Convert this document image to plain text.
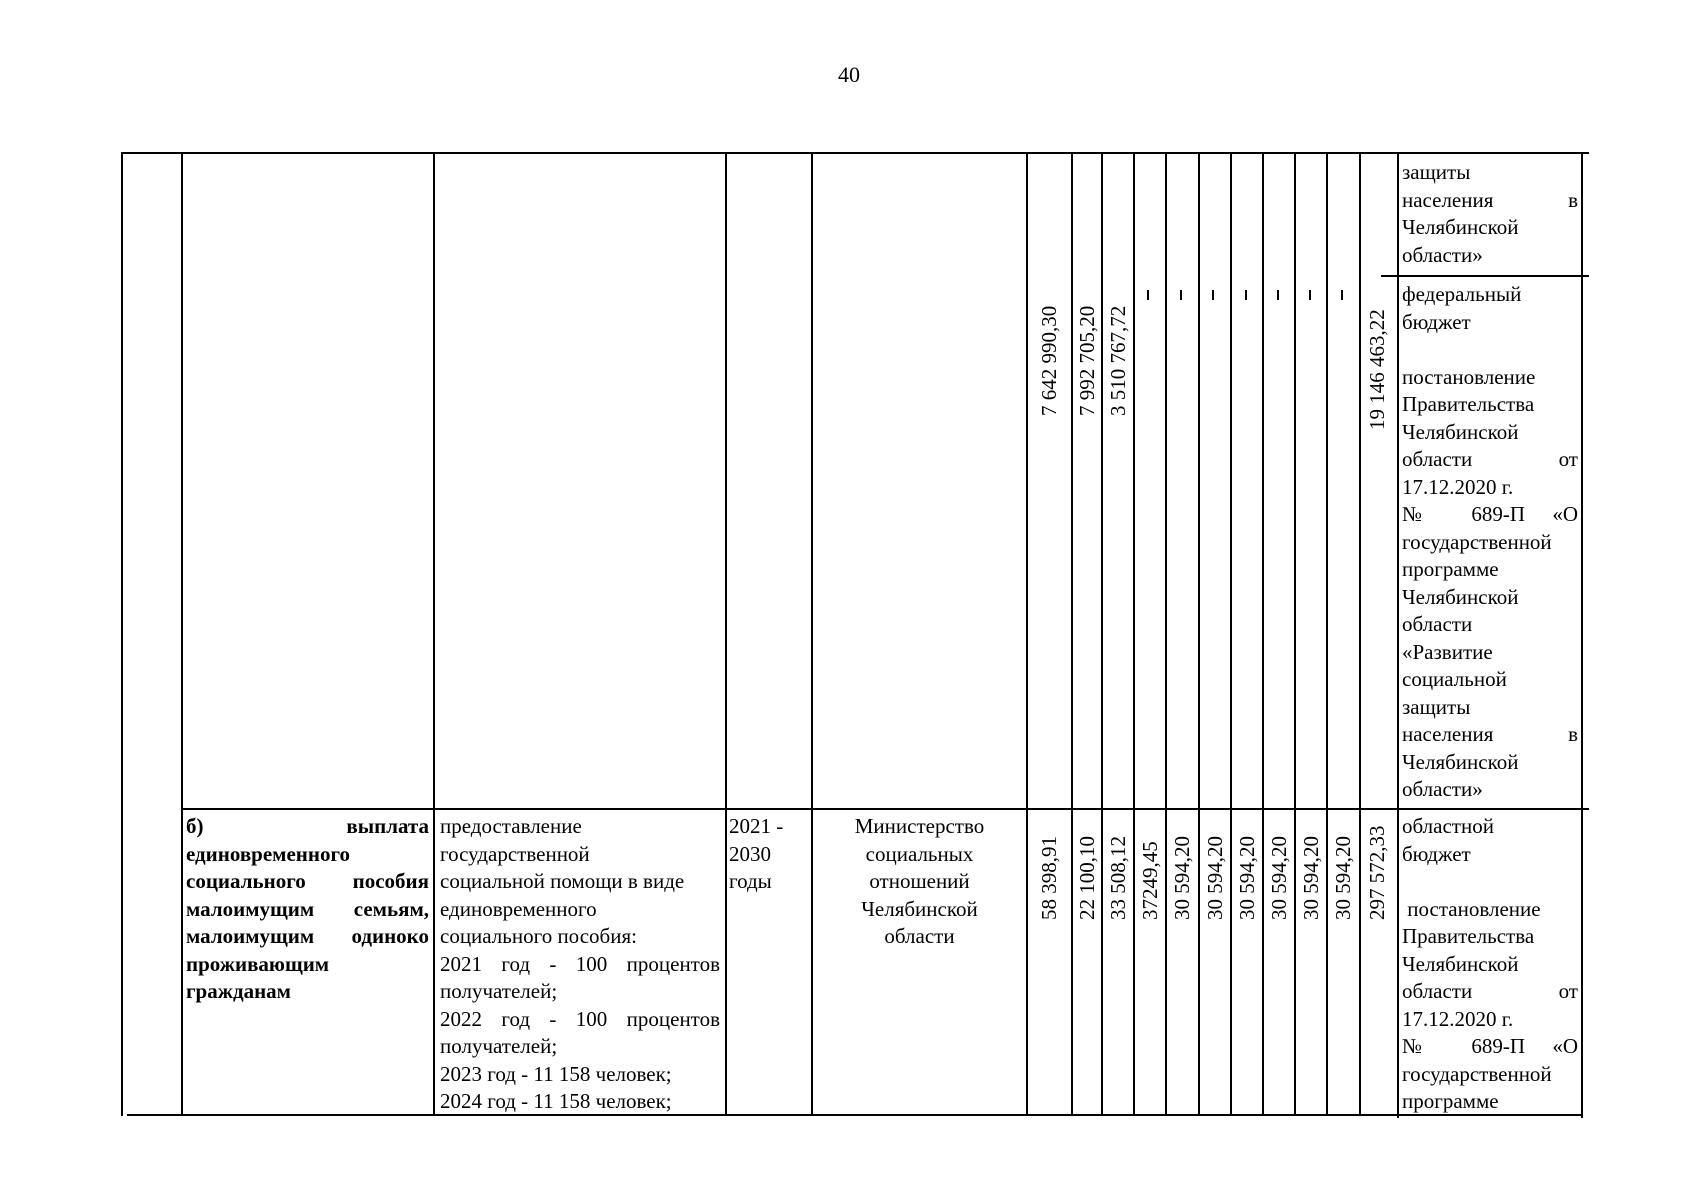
40
защиты
населения в
Челябинской
области»
7 642 990,30 7 992 705,20 3 510 767,72	19 146 463,22
федеральный
бюджет
постановление
Правительства
Челябинской
области от
17.12.2020 г.
№ 689-П «О
государственной
программе
Челябинской
области
«Развитие
социальной
защиты
населения в
Челябинской
области»
б) выплата
единовременного
социального пособия
малоимущим семьям,
малоимущим одиноко
проживающим
гражданам
предоставление
государственной
социальной помощи в виде
единовременного
социального пособия:
2021 год - 100 процентов
получателей;
2022 год - 100 процентов
получателей;
2023 год - 11 158 человек;
2024 год - 11 158 человек;
2021 -
2030
годы
Министерство
социальных
отношений
Челябинской
области
58 398,91 22 100,10 33 508,12 37249,45 30 594,20 30 594,20 30 594,20 30 594,20 30 594,20 30 594,20 297 572,33 областной
бюджет
постановление
Правительства
Челябинской
области от
17.12.2020 г.
№ 689-П «О
государственной
программе
